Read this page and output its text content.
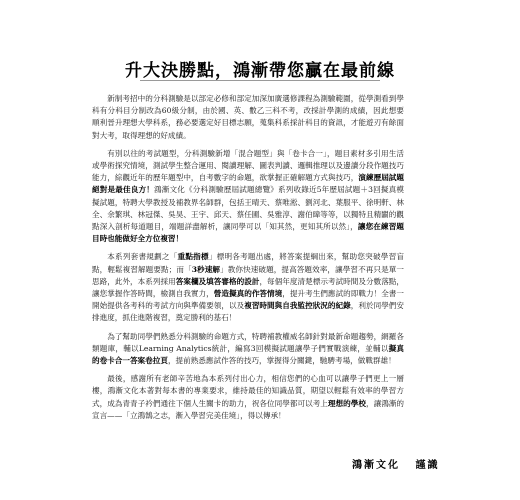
升大決勝點，鴻漸帶您贏在最前線

新制考招中的分科測驗是以部定必修和部定加深加廣選修課程為測驗範圍，從學測看到學科有分科目分制改為60級分制，由於國、英、數乙三科不考，改採計學測的成績，因此想要順利晉升理想大學科系，務必要選定好目標志願，蒐集科系採計科目的資訊，才能遊刃有餘面對大考，取得理想的好成績。

有別以往的考試題型，分科測驗新增「混合題型」與「卷卡合一」，題目素材多引用生活或學術探究情境，測試學生整合運用、閱讀理解、圖表判讀、邏輯推理以及邊讀分段作題技巧能力，綜觀近年的歷年題型中，自考數字的命題，欲掌握正確解題方式與技巧，演練歷屆試題絕對是最佳良方！鴻漸文化《分科測驗歷屆試題總覽》系列收錄近5年歷屆試題＋3回擬真模擬試題，特聘大學教授及補教界名師群，包括王晴天、蔡唯淞、劉河北、葉服平、徐明軒、林全、余繁琪、林冠傑、吳昊、王宇、邱天、蔡任圃、吳雅淳、謝伯暐等等，以獨特且精闢的觀點深入剖析每道題目，端題詳盡解析，讓同學可以「知其然，更知其所以然」，讓您在練習題目時也能做好全方位複習！

本系列套書規劃之「重點指標」標明各考題出處，將答案提綱出來，幫助您突破學習盲點，輕鬆複習解題要點；而「3秒速解」教你快速破題，提高答題效率，讓學習不再只是單一思路，此外，本系列採用答案欄及填答審格的設計，每個年度清楚標示考試時間及分數落點，讓您掌握作答時間，檢測自我實力，營造擬真的作答情境，提升考生們應試的即戰力！全書一開始提供各考科的考試方向與準備要領，以及複習時間與自我監控狀況的紀錄，利於同學們安排進度，抓住進階複習，奠定勝利的基石！

為了幫助同學們熟悉分科測驗的命題方式，特聘補教權威名師針對最新命題趨勢，網羅各類題庫，輔以Learning Analytics統計，編寫3回模擬試題讓學子們實戰演練，並輔以擬真的卷卡合一答案卷拉頁，提前熟悉應試作答的技巧，掌握得分關鍵，馳騁考場，做戰群雄！

最後，感謝所有老師辛苦地為本系列付出心力，相信您們的心血可以讓學子們更上一層樓，鴻漸文化本著對每本書的專業要求，維持最佳的知識品質，期望以輕鬆有效率的學習方式，成為青青子衿們通往下個人生關卡的助力，祝各位同學都可以考上理想的學校，讓鴻漸的宣言——「立鴻鵠之志，漸入學習完美佳境」，得以傳承！

鴻漸文化 謹識
